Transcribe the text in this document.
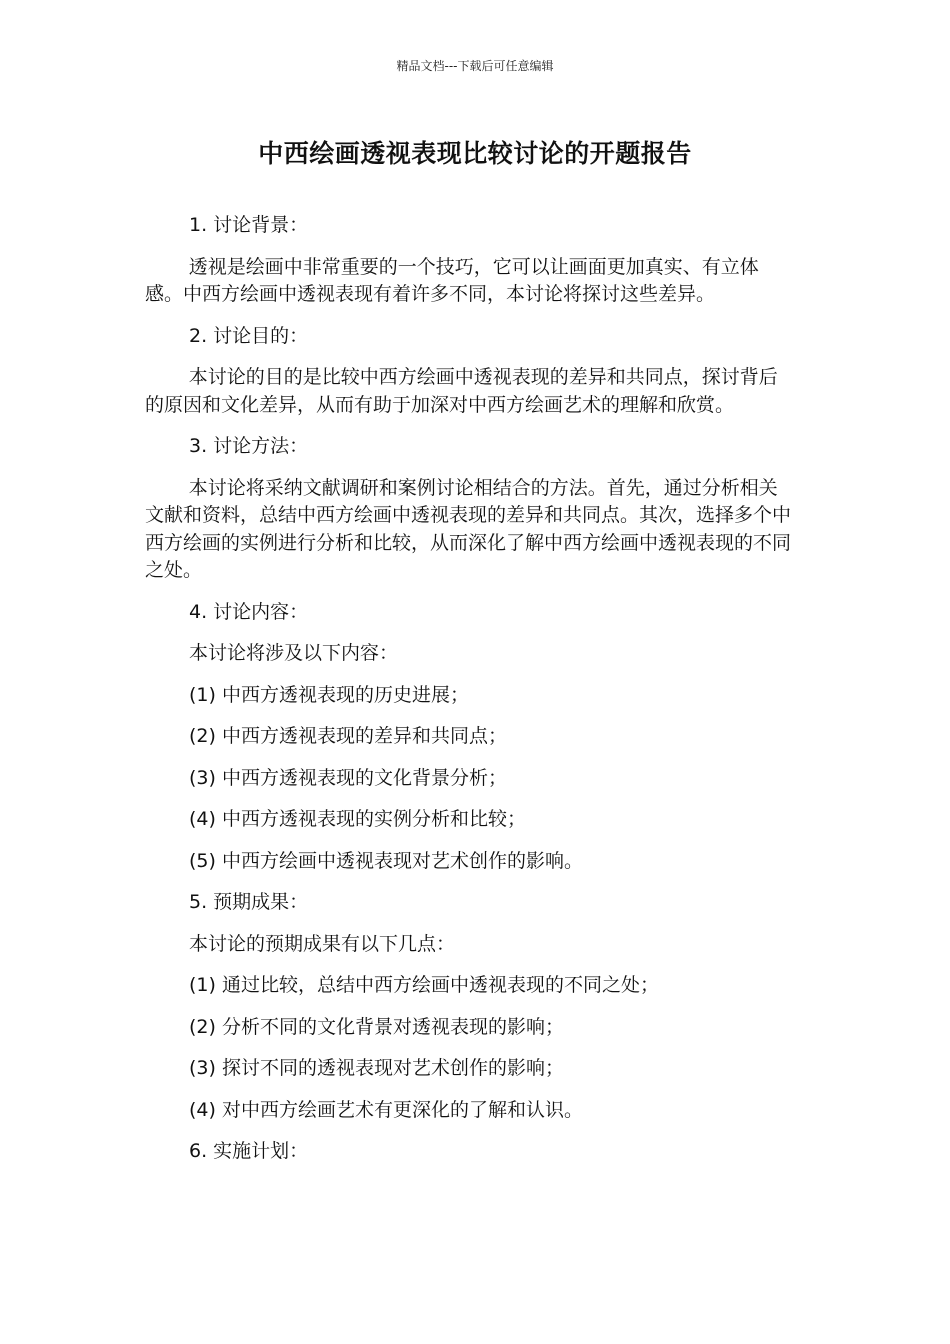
精品文档---下载后可任意编辑
中西绘画透视表现比较讨论的开题报告

1. 讨论背景：

透视是绘画中非常重要的一个技巧，它可以让画面更加真实、有立体感。中西方绘画中透视表现有着许多不同，本讨论将探讨这些差异。

2. 讨论目的：

本讨论的目的是比较中西方绘画中透视表现的差异和共同点，探讨背后的原因和文化差异，从而有助于加深对中西方绘画艺术的理解和欣赏。

3. 讨论方法：

本讨论将采纳文献调研和案例讨论相结合的方法。首先，通过分析相关文献和资料，总结中西方绘画中透视表现的差异和共同点。其次，选择多个中西方绘画的实例进行分析和比较，从而深化了解中西方绘画中透视表现的不同之处。

4. 讨论内容：

本讨论将涉及以下内容：

(1) 中西方透视表现的历史进展；

(2) 中西方透视表现的差异和共同点；

(3) 中西方透视表现的文化背景分析；

(4) 中西方透视表现的实例分析和比较；

(5) 中西方绘画中透视表现对艺术创作的影响。

5. 预期成果：

本讨论的预期成果有以下几点：

(1) 通过比较，总结中西方绘画中透视表现的不同之处；

(2) 分析不同的文化背景对透视表现的影响；

(3) 探讨不同的透视表现对艺术创作的影响；

(4) 对中西方绘画艺术有更深化的了解和认识。

6. 实施计划：
